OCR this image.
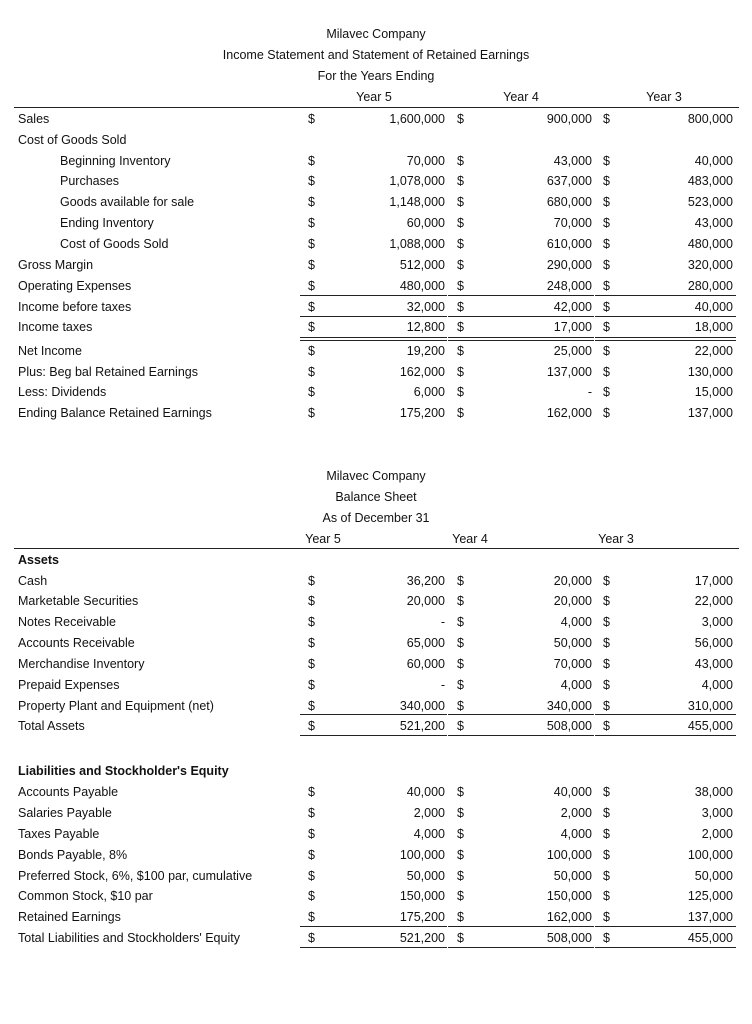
Milavec Company
Income Statement and Statement of Retained Earnings
For the Years Ending
Year 5	Year 4	Year 3
Sales	$	1,600,000 $	900,000 $	800,000
Cost of Goods Sold
Beginning Inventory	$	70,000 $	43,000 $	40,000
Purchases	$	1,078,000 $	637,000 $	483,000
Goods available for sale	$	1,148,000 $	680,000 $	523,000
Ending Inventory	$	60,000 $	70,000 $	43,000
Cost of Goods Sold	$	1,088,000 $	610,000 $	480,000
Gross Margin	$	512,000 $	290,000 $	320,000
Operating Expenses	$	480,000 $	248,000 $	280,000
Income before taxes	$	32,000 $	42,000 $	40,000
Income taxes	$	12,800 $	17,000 $	18,000
Net Income	$	19,200 $	25,000 $	22,000
Plus: Beg bal Retained Earnings	$	162,000 $	137,000 $	130,000
Less: Dividends	$	6,000 $	- $	15,000
Ending Balance Retained Earnings	$	175,200 $	162,000 $	137,000
Milavec Company
Balance Sheet
As of December 31
Year 5	Year 4	Year 3
Assets
Liabilities and Stockholder's Equity
Cash	$	36,200 $	20,000 $	17,000
Marketable Securities	$	20,000 $	20,000 $	22,000
Notes Receivable	$	- $	4,000 $	3,000
Accounts Receivable	$	65,000 $	50,000 $	56,000
Merchandise Inventory	$	60,000 $	70,000 $	43,000
Prepaid Expenses	$	- $	4,000 $	4,000
Property Plant and Equipment (net)	$	340,000 $	340,000 $	310,000
Total Assets	$	521,200 $	508,000 $	455,000
Accounts Payable	$	40,000 $	40,000 $	38,000
Salaries Payable	$	2,000 $	2,000 $	3,000
Taxes Payable	$	4,000 $	4,000 $	2,000
Bonds Payable, 8%	$	100,000 $	100,000 $	100,000
Preferred Stock, 6%, $100 par, cumulative	$	50,000 $	50,000 $	50,000
Common Stock, $10 par	$	150,000 $	150,000 $	125,000
Retained Earnings	$	175,200 $	162,000 $	137,000
Total Liabilities and Stockholders' Equity	$	521,200 $	508,000 $	455,000
